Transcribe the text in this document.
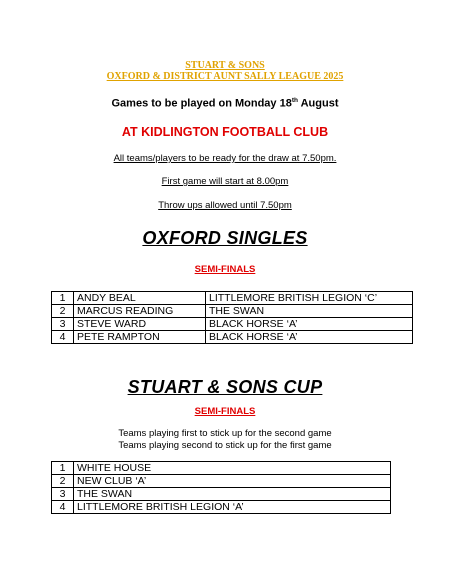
STUART & SONS
OXFORD & DISTRICT AUNT SALLY LEAGUE 2025
Games to be played on Monday 18th August
AT KIDLINGTON FOOTBALL CLUB
All teams/players to be ready for the draw at 7.50pm.
First game will start at 8.00pm
Throw ups allowed until 7.50pm
OXFORD SINGLES
SEMI-FINALS
1	ANDY BEAL	LITTLEMORE BRITISH LEGION ‘C’
2	MARCUS READING	THE SWAN
3	STEVE WARD	BLACK HORSE ‘A’
4	PETE RAMPTON	BLACK HORSE ‘A’
STUART & SONS CUP
SEMI-FINALS
Teams playing first to stick up for the second game
Teams playing second to stick up for the first game
1	WHITE HOUSE
2	NEW CLUB ‘A’
3	THE SWAN
4	LITTLEMORE BRITISH LEGION ‘A’
